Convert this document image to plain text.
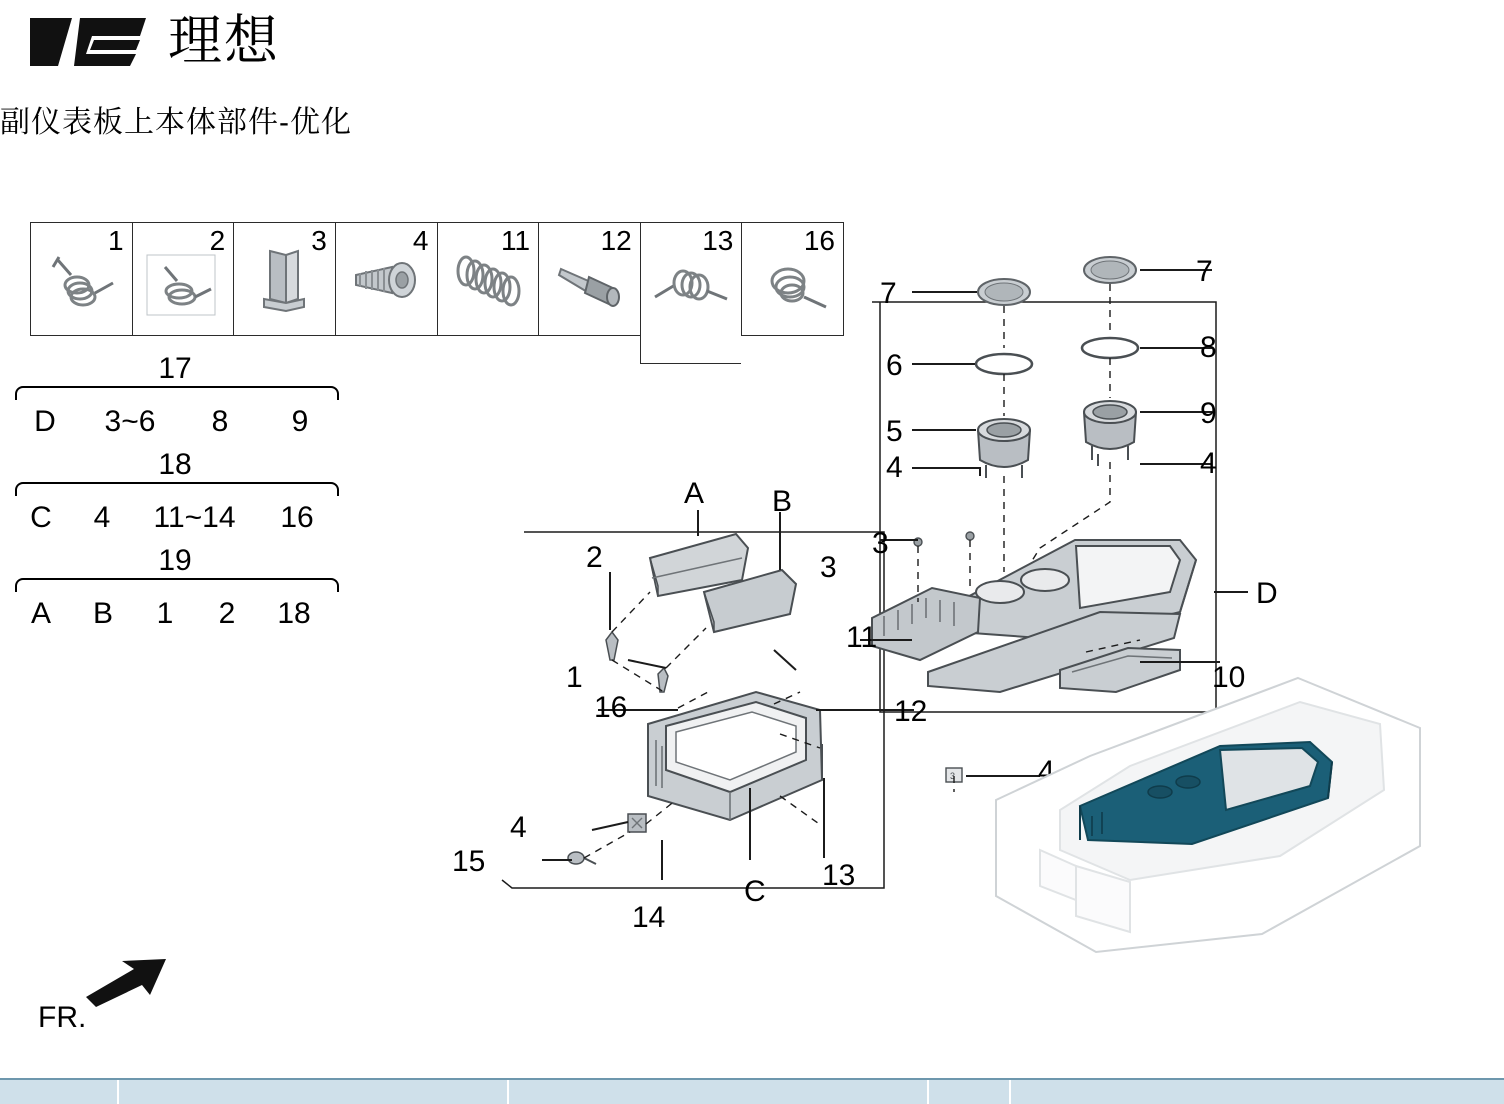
理想
副仪表板上本体部件-优化
1	2	3	4	11	12	13	16
17
D	3~6	8	9
18
C	4	11~14	16
19
A	B	1	2	18
3
7
7
6
8
5
9
4	4
A B
2	3
3
D
1
11
16	12
10
4
4
15
14
C 13
FR.
